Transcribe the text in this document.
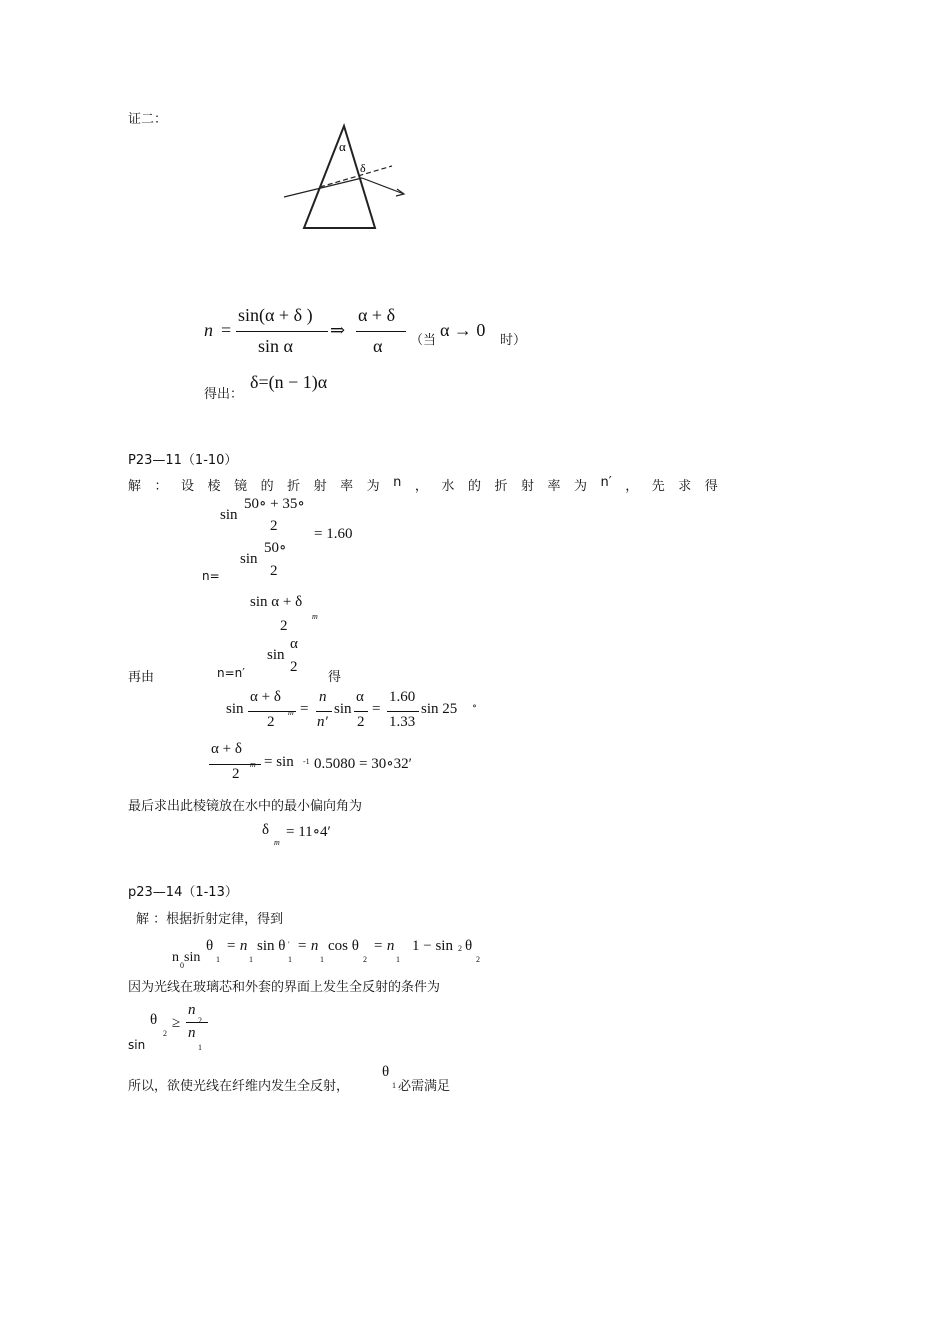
证二：
α
δ
n =
sin(α + δ )
sin α
⇒
α + δ
α （当
α → 0
时）
得出：
δ=(n − 1)α
P23—11（1-10）
解 ： 设 棱 镜 的 折 射 率 为 n ， 水 的 折 射 率 为 n′ ， 先 求 得
sin
50∘ + 35∘
2 = 1.60
sin
50∘
2
n=
sin α + δ
m
2
sin
α
2
再由	n=n′	得
sin
α + δ
2
m =
n
n′
sin
α
2
=
1.60
1.33
sin 25 ∘
α + δ
2
m = sin -1 0.5080 = 30∘32′
最后求出此棱镜放在水中的最小偏向角为
δ
m
= 11∘4′
p23—14（1-13）
解 ：根据折射定律，得到
n
0
sin
θ
1
= n
1
sin θ ′
1
= n
1
cos θ
2
= n
1
1 − sin 2 θ
2
因为光线在玻璃芯和外套的界面上发生全反射的条件为
θ
2
≥
n
2
n
1
sin
所以，欲使光线在纤维内发生全反射，
θ
1 必需满足
